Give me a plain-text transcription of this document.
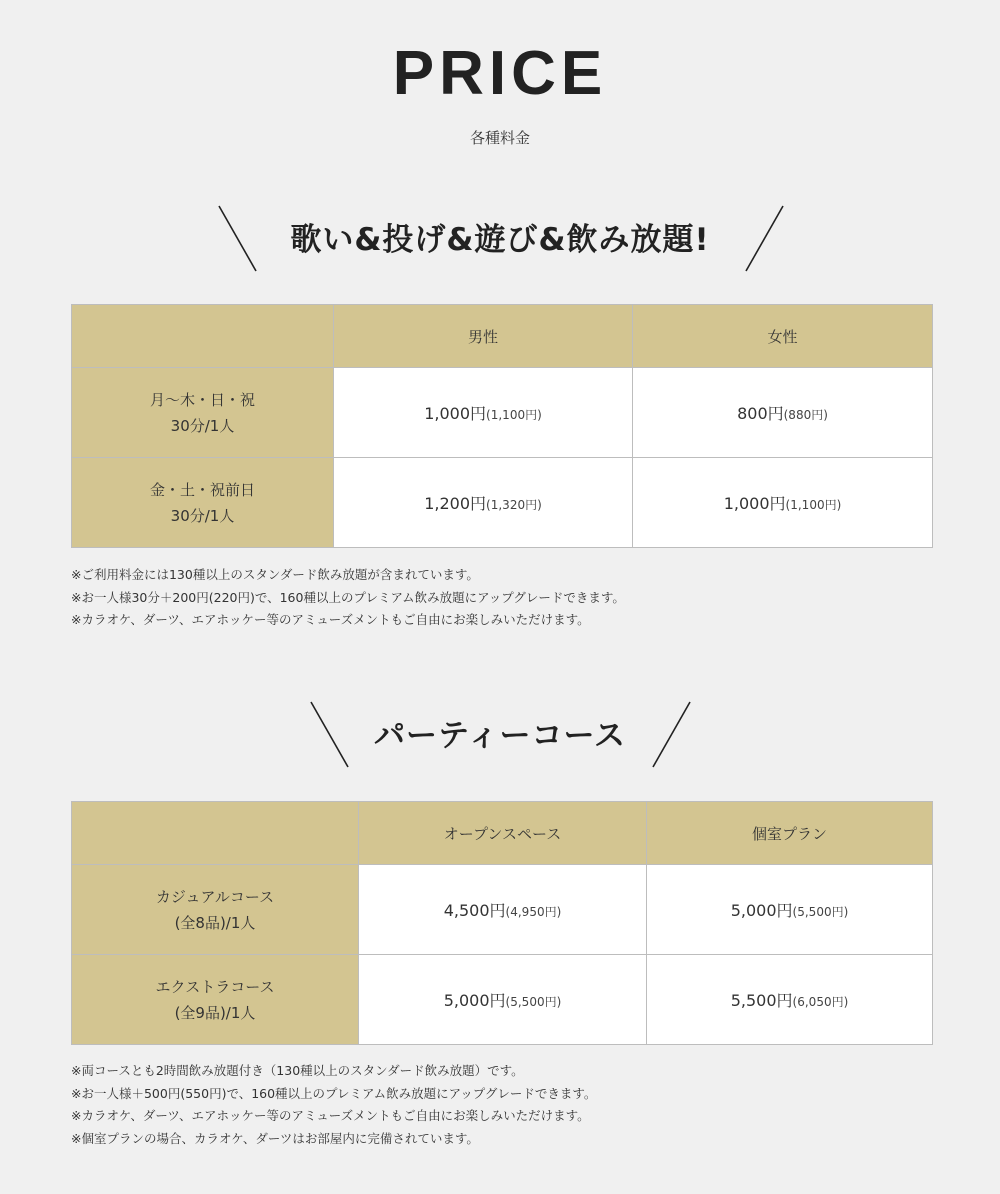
PRICE
各種料金
歌い&投げ&遊び&飲み放題!
	男性	女性

月〜木・日・祝
30分/1人	1,000円(1,100円)	800円(880円)

金・土・祝前日
30分/1人	1,200円(1,320円)	1,000円(1,100円)

※ご利用料金には130種以上のスタンダード飲み放題が含まれています。

※お一人様30分＋200円(220円)で、160種以上のプレミアム飲み放題にアップグレードできます。

※カラオケ、ダーツ、エアホッケー等のアミューズメントもご自由にお楽しみいただけます。

パーティーコース
	オープンスペース	個室プラン

カジュアルコース
(全8品)/1人	4,500円(4,950円)	5,000円(5,500円)

エクストラコース
(全9品)/1人	5,000円(5,500円)	5,500円(6,050円)

※両コースとも2時間飲み放題付き（130種以上のスタンダード飲み放題）です。

※お一人様＋500円(550円)で、160種以上のプレミアム飲み放題にアップグレードできます。

※カラオケ、ダーツ、エアホッケー等のアミューズメントもご自由にお楽しみいただけます。

※個室プランの場合、カラオケ、ダーツはお部屋内に完備されています。
